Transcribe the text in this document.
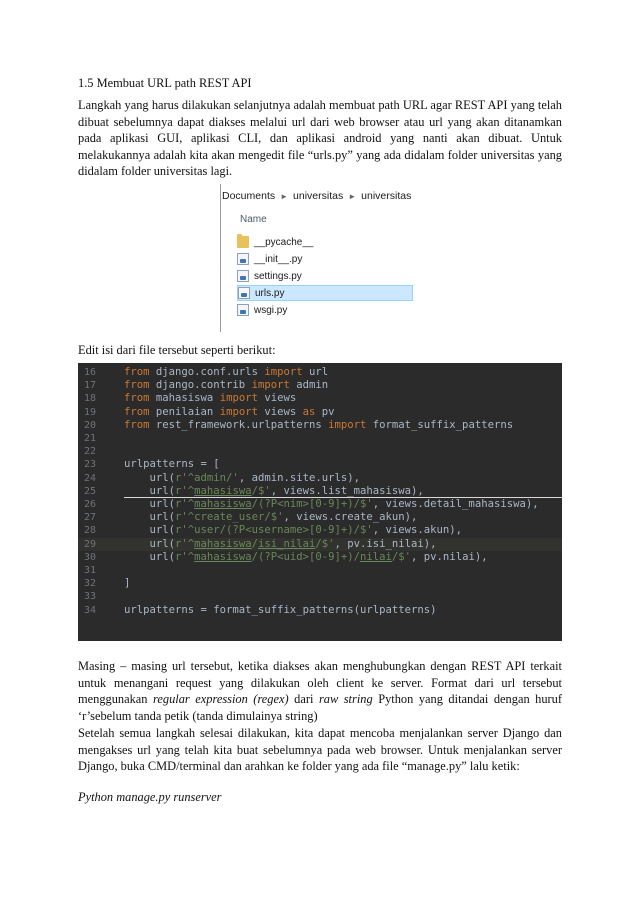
1.5 Membuat URL path REST API
Langkah yang harus dilakukan selanjutnya adalah membuat path URL agar REST API yang telah dibuat sebelumnya dapat diakses melalui url dari web browser atau url yang akan ditanamkan pada aplikasi GUI, aplikasi CLI, dan aplikasi android yang nanti akan dibuat. Untuk melakukannya adalah kita akan mengedit file “urls.py” yang ada didalam folder universitas yang didalam folder universitas lagi.
Edit isi dari file tersebut seperti berikut:
Masing – masing url tersebut, ketika diakses akan menghubungkan dengan REST API terkait untuk menangani request yang dilakukan oleh client ke server. Format dari url tersebut menggunakan regular expression (regex) dari raw string Python yang ditandai dengan huruf ‘r’sebelum tanda petik (tanda dimulainya string)
Setelah semua langkah selesai dilakukan, kita dapat mencoba menjalankan server Django dan mengakses url yang telah kita buat sebelumnya pada web browser. Untuk menjalankan server Django, buka CMD/terminal dan arahkan ke folder yang ada file “manage.py” lalu ketik:
Python manage.py runserver
Documents ► universitas ► universitas
Name
__pycache__
__init__.py
settings.py
urls.py
wsgi.py
16	from django.conf.urls import url
17	from django.contrib import admin
18	from mahasiswa import views
19	from penilaian import views as pv
20	from rest_framework.urlpatterns import format_suffix_patterns
21
22
23	urlpatterns = [
24	url(r'^admin/', admin.site.urls),
25	url(r'^mahasiswa/$', views.list_mahasiswa),
26	url(r'^mahasiswa/(?P<nim>[0-9]+)/$', views.detail_mahasiswa),
27	url(r'^create_user/$', views.create_akun),
28	url(r'^user/(?P<username>[0-9]+)/$', views.akun),
29	url(r'^mahasiswa/isi_nilai/$', pv.isi_nilai),
30	url(r'^mahasiswa/(?P<uid>[0-9]+)/nilai/$', pv.nilai),
31
32	]
33
34	urlpatterns = format_suffix_patterns(urlpatterns)
